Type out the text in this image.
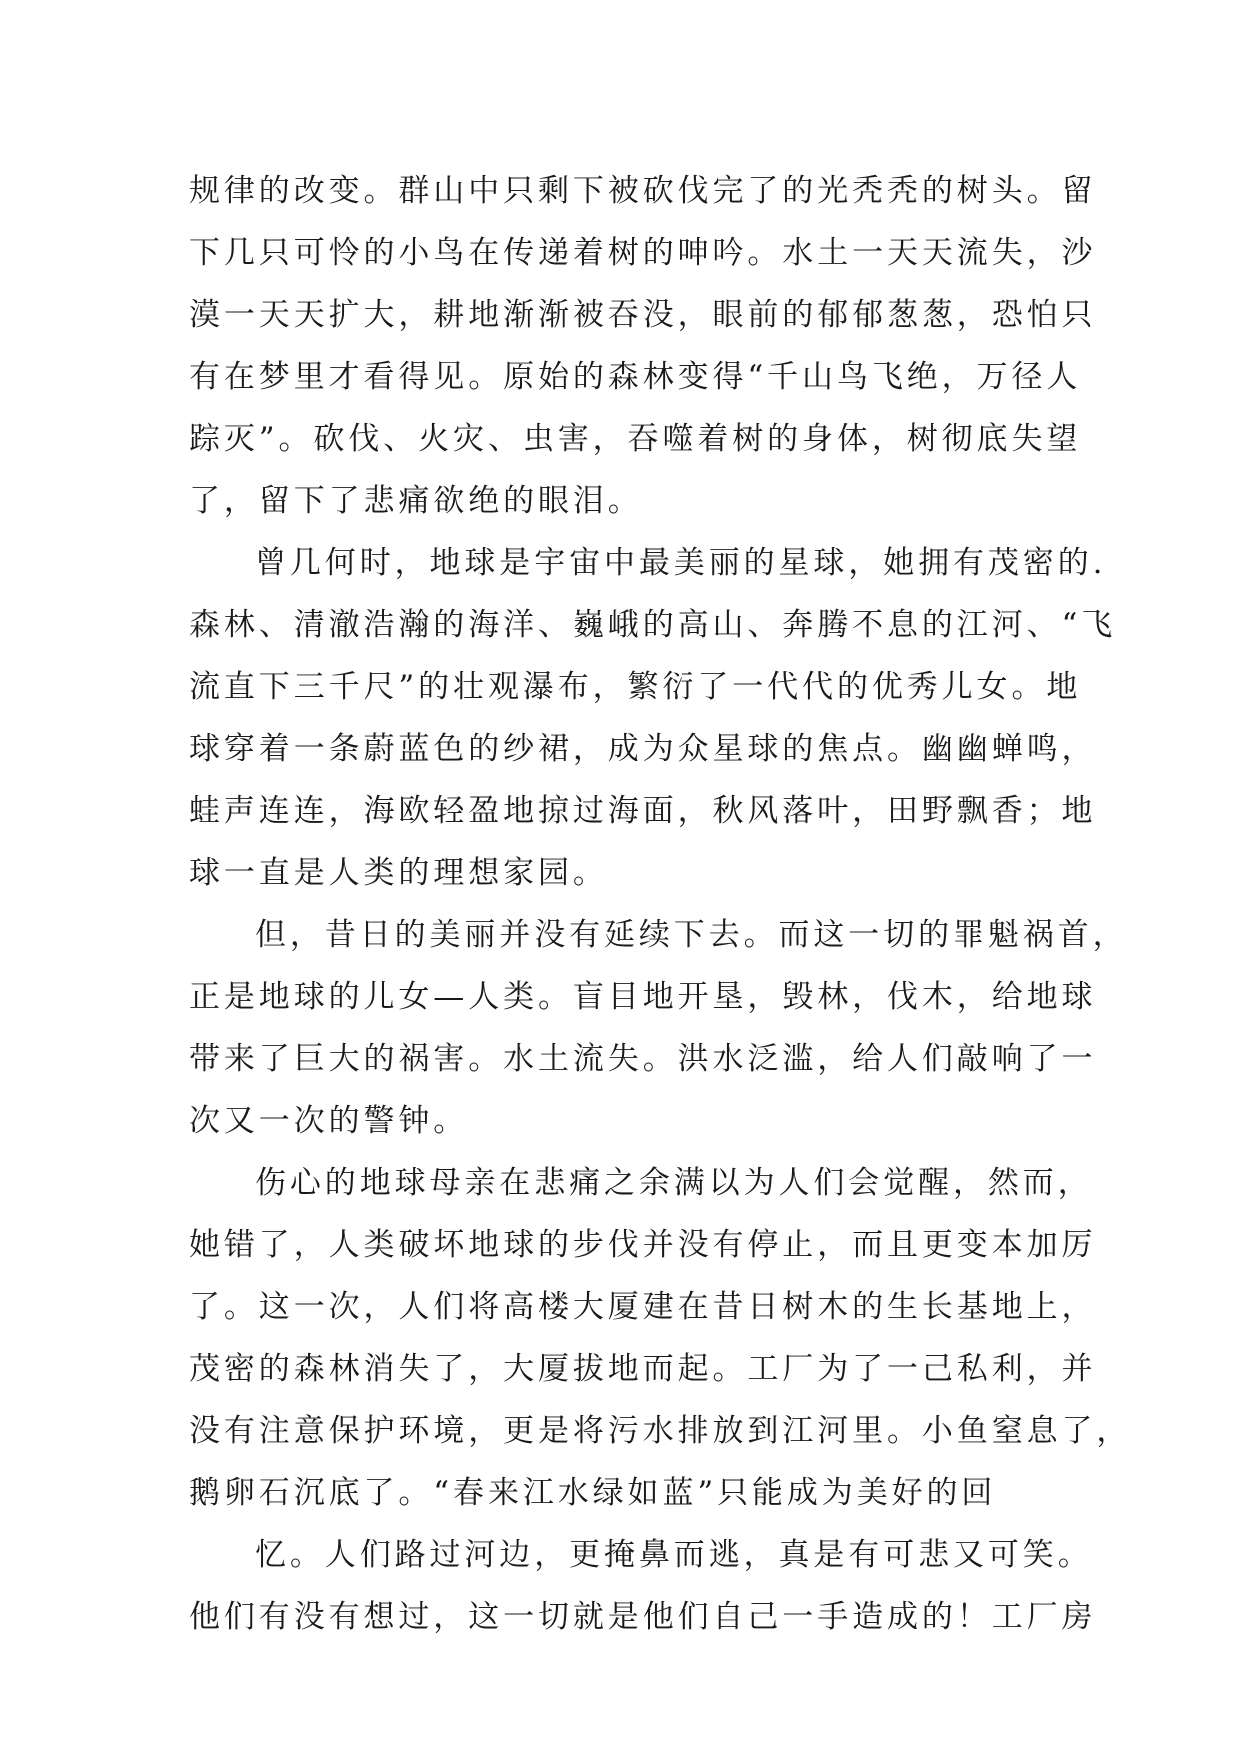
规律的改变。群山中只剩下被砍伐完了的光秃秃的树头。留
下几只可怜的小鸟在传递着树的呻吟。水土一天天流失，沙
漠一天天扩大，耕地渐渐被吞没，眼前的郁郁葱葱，恐怕只
有在梦里才看得见。原始的森林变得“千山鸟飞绝，万径人
踪灭”。砍伐、火灾、虫害，吞噬着树的身体，树彻底失望
了，留下了悲痛欲绝的眼泪。
曾几何时，地球是宇宙中最美丽的星球，她拥有茂密的.
森林、清澈浩瀚的海洋、巍峨的高山、奔腾不息的江河、“飞
流直下三千尺”的壮观瀑布，繁衍了一代代的优秀儿女。地
球穿着一条蔚蓝色的纱裙，成为众星球的焦点。幽幽蝉鸣，
蛙声连连，海欧轻盈地掠过海面，秋风落叶，田野飘香；地
球一直是人类的理想家园。
但，昔日的美丽并没有延续下去。而这一切的罪魁祸首，
正是地球的儿女—人类。盲目地开垦，毁林，伐木，给地球
带来了巨大的祸害。水土流失。洪水泛滥，给人们敲响了一
次又一次的警钟。
伤心的地球母亲在悲痛之余满以为人们会觉醒，然而，
她错了，人类破坏地球的步伐并没有停止，而且更变本加厉
了。这一次，人们将高楼大厦建在昔日树木的生长基地上，
茂密的森林消失了，大厦拔地而起。工厂为了一己私利，并
没有注意保护环境，更是将污水排放到江河里。小鱼窒息了，
鹅卵石沉底了。“春来江水绿如蓝”只能成为美好的回
忆。人们路过河边，更掩鼻而逃，真是有可悲又可笑。
他们有没有想过，这一切就是他们自己一手造成的！工厂房
